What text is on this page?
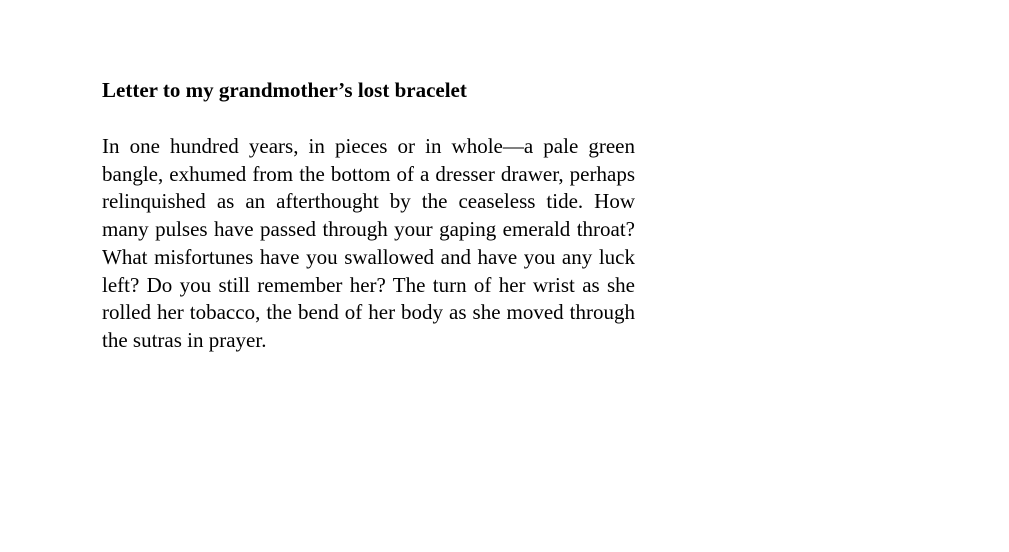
Letter to my grandmother’s lost bracelet

In one hundred years, in pieces or in whole—a pale green bangle, exhumed from the bottom of a dresser drawer, perhaps relinquished as an afterthought by the ceaseless tide. How many pulses have passed through your gaping emerald throat? What misfortunes have you swallowed and have you any luck left? Do you still remember her? The turn of her wrist as she rolled her tobacco, the bend of her body as she moved through the sutras in prayer.
